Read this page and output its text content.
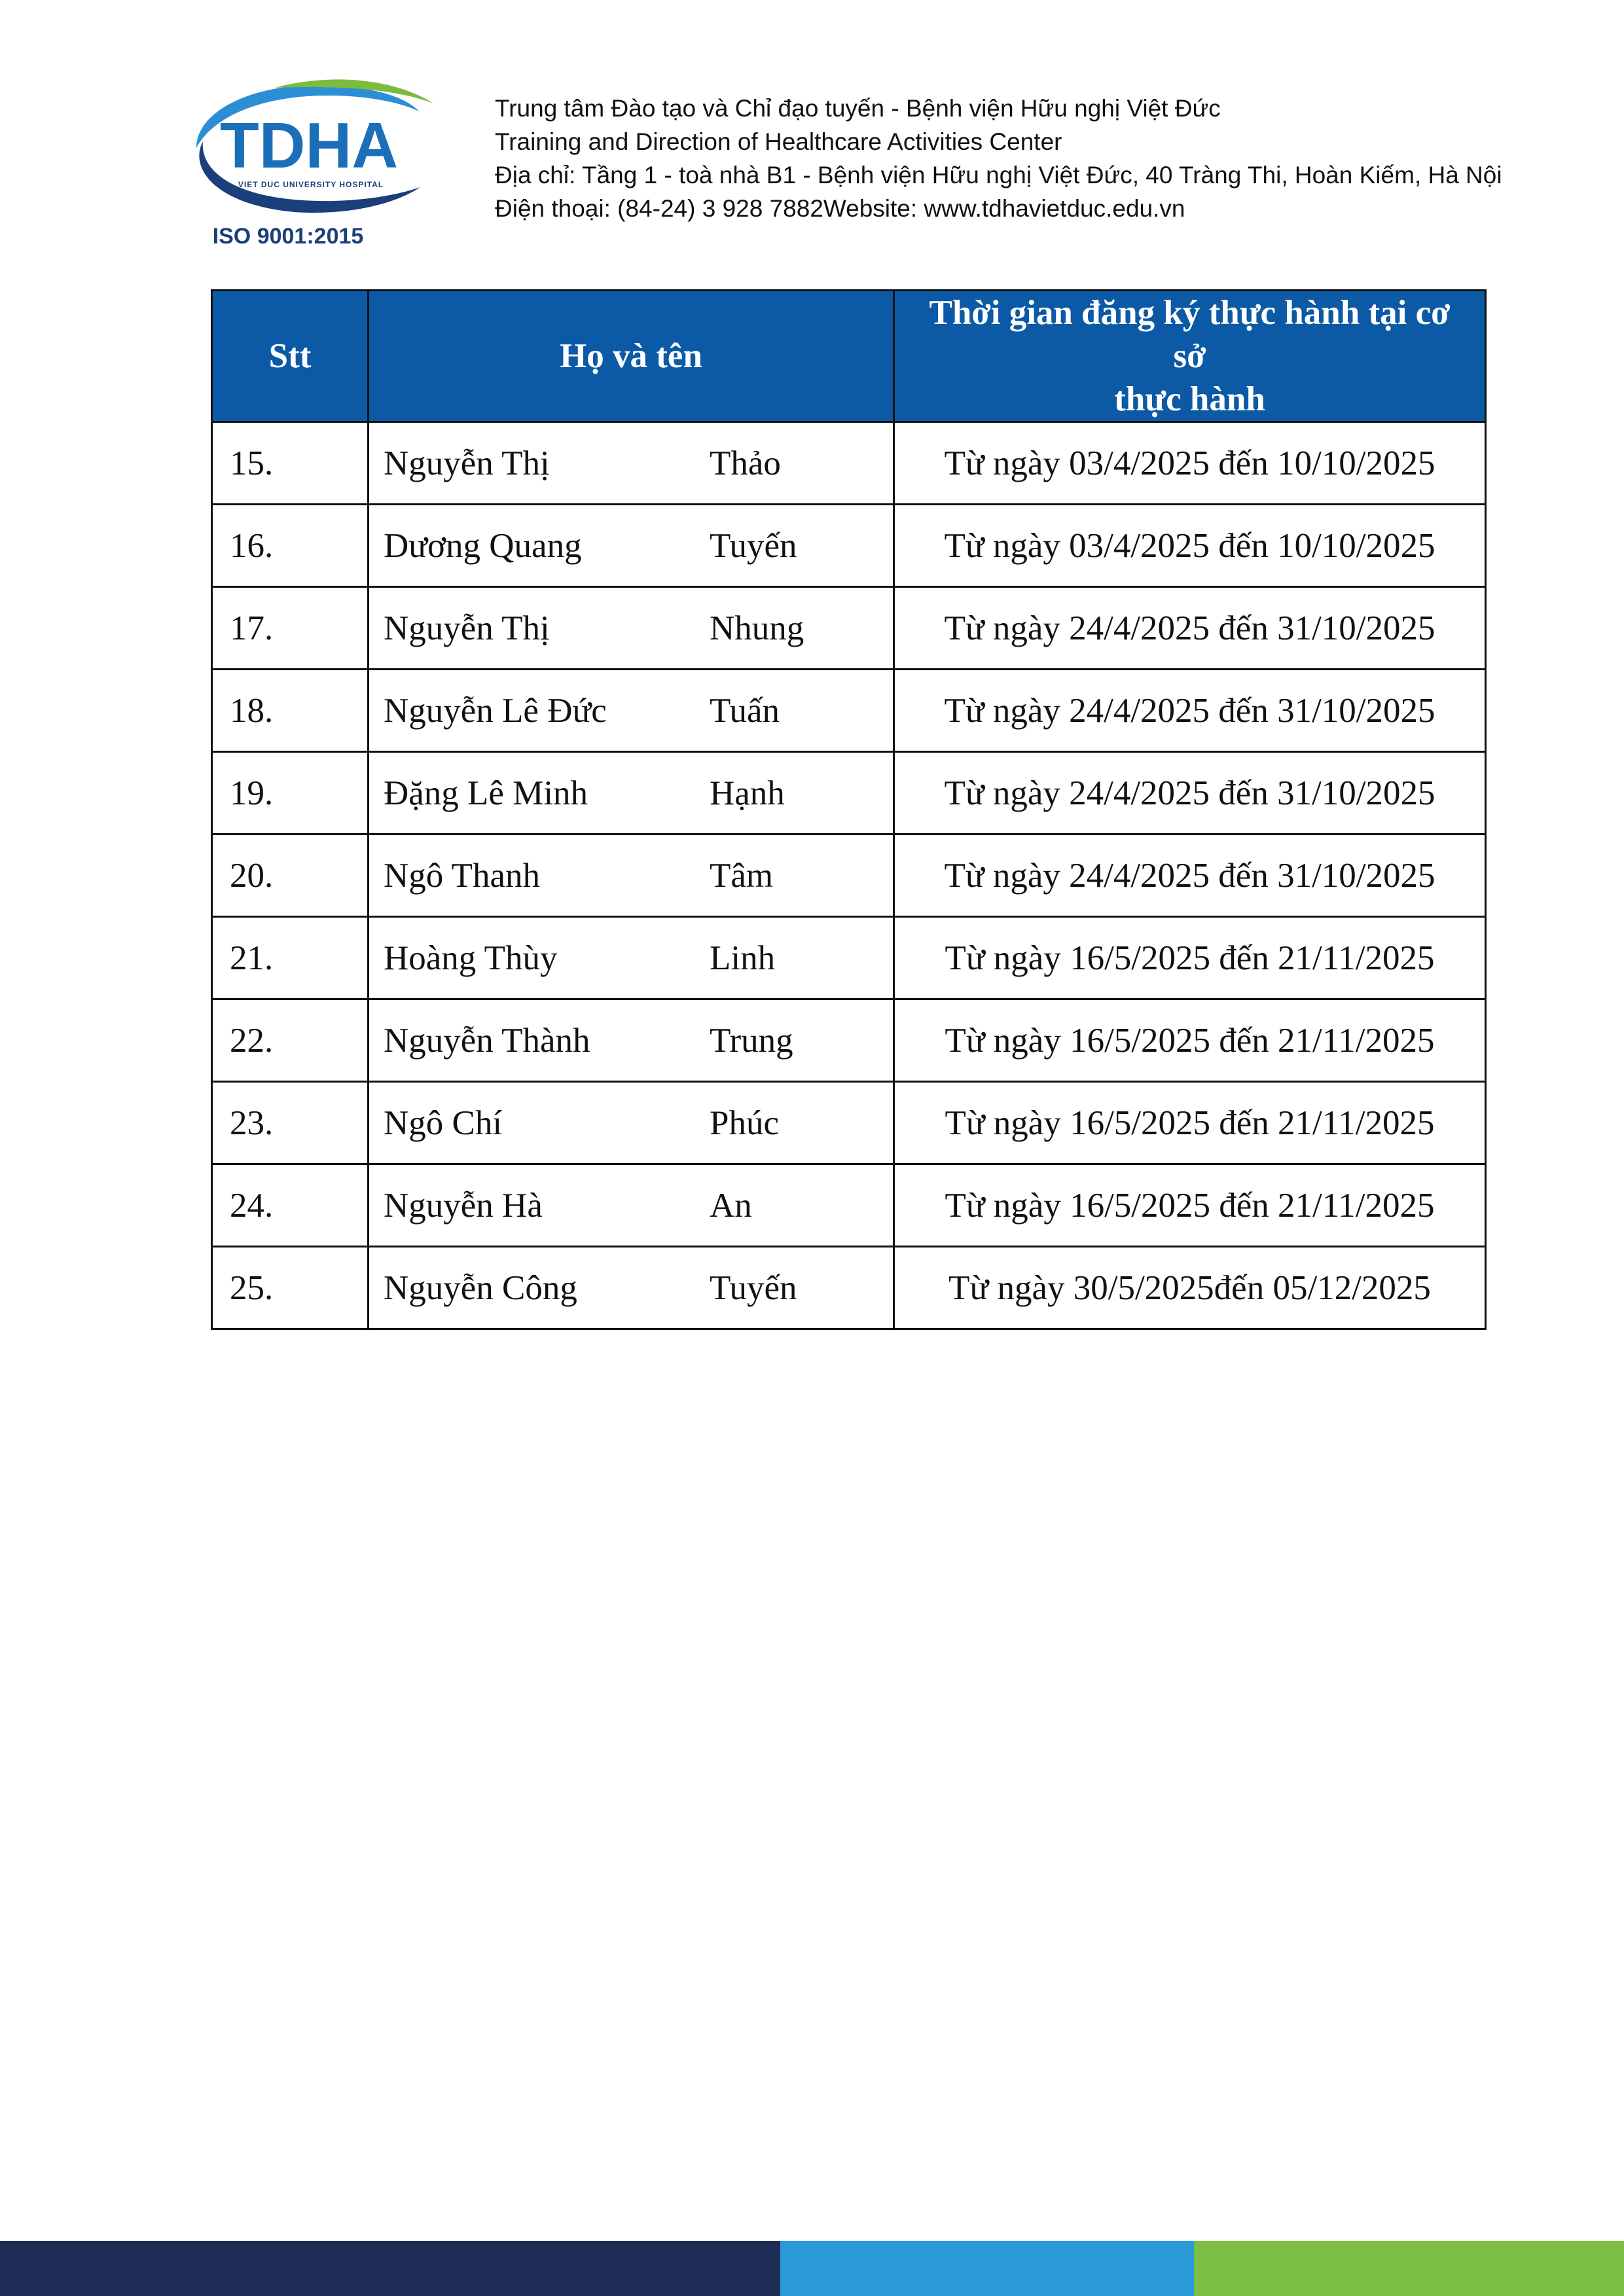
TDHA
VIET DUC UNIVERSITY HOSPITAL
ISO 9001:2015
Trung tâm Đào tạo và Chỉ đạo tuyến - Bệnh viện Hữu nghị Việt Đức
Training and Direction of Healthcare Activities Center
Địa chỉ: Tầng 1 - toà nhà B1 - Bệnh viện Hữu nghị Việt Đức, 40 Tràng Thi, Hoàn Kiếm, Hà Nội
Điện thoại: (84-24) 3 928 7882Website: www.tdhavietduc.edu.vn
Stt	Họ và tên	Thời gian đăng ký thực hành tại cơ sở
thực hành
15.	Nguyễn Thị Thảo	Từ ngày 03/4/2025 đến 10/10/2025
16.	Dương Quang Tuyến	Từ ngày 03/4/2025 đến 10/10/2025
17.	Nguyễn Thị Nhung	Từ ngày 24/4/2025 đến 31/10/2025
18.	Nguyễn Lê Đức Tuấn	Từ ngày 24/4/2025 đến 31/10/2025
19.	Đặng Lê Minh Hạnh	Từ ngày 24/4/2025 đến 31/10/2025
20.	Ngô Thanh Tâm	Từ ngày 24/4/2025 đến 31/10/2025
21.	Hoàng Thùy Linh	Từ ngày 16/5/2025 đến 21/11/2025
22.	Nguyễn Thành Trung	Từ ngày 16/5/2025 đến 21/11/2025
23.	Ngô Chí Phúc	Từ ngày 16/5/2025 đến 21/11/2025
24.	Nguyễn Hà An	Từ ngày 16/5/2025 đến 21/11/2025
25.	Nguyễn Công Tuyến	Từ ngày 30/5/2025đến 05/12/2025
